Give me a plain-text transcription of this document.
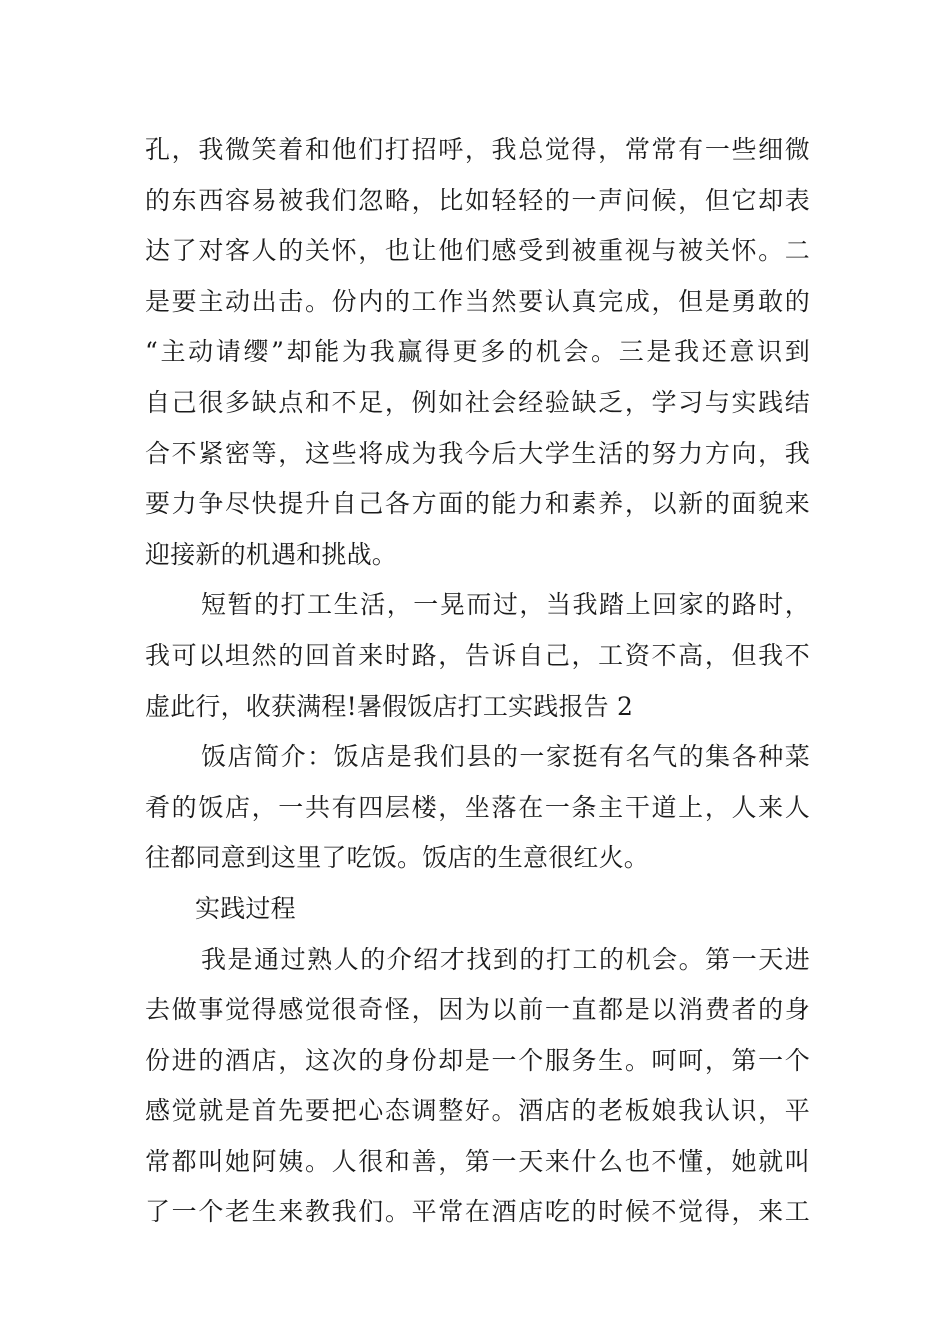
孔，我微笑着和他们打招呼，我总觉得，常常有一些细微
的东西容易被我们忽略，比如轻轻的一声问候，但它却表
达了对客人的关怀，也让他们感受到被重视与被关怀。二
是要主动出击。份内的工作当然要认真完成，但是勇敢的
“主动请缨”却能为我赢得更多的机会。三是我还意识到
自己很多缺点和不足，例如社会经验缺乏，学习与实践结
合不紧密等，这些将成为我今后大学生活的努力方向，我
要力争尽快提升自己各方面的能力和素养，以新的面貌来
迎接新的机遇和挑战。
短暂的打工生活，一晃而过，当我踏上回家的路时，
我可以坦然的回首来时路，告诉自己，工资不高，但我不
虚此行，收获满程!暑假饭店打工实践报告 2
饭店简介：饭店是我们县的一家挺有名气的集各种菜
肴的饭店，一共有四层楼，坐落在一条主干道上，人来人
往都同意到这里了吃饭。饭店的生意很红火。
实践过程
我是通过熟人的介绍才找到的打工的机会。第一天进
去做事觉得感觉很奇怪，因为以前一直都是以消费者的身
份进的酒店，这次的身份却是一个服务生。呵呵，第一个
感觉就是首先要把心态调整好。酒店的老板娘我认识，平
常都叫她阿姨。人很和善，第一天来什么也不懂，她就叫
了一个老生来教我们。平常在酒店吃的时候不觉得，来工
